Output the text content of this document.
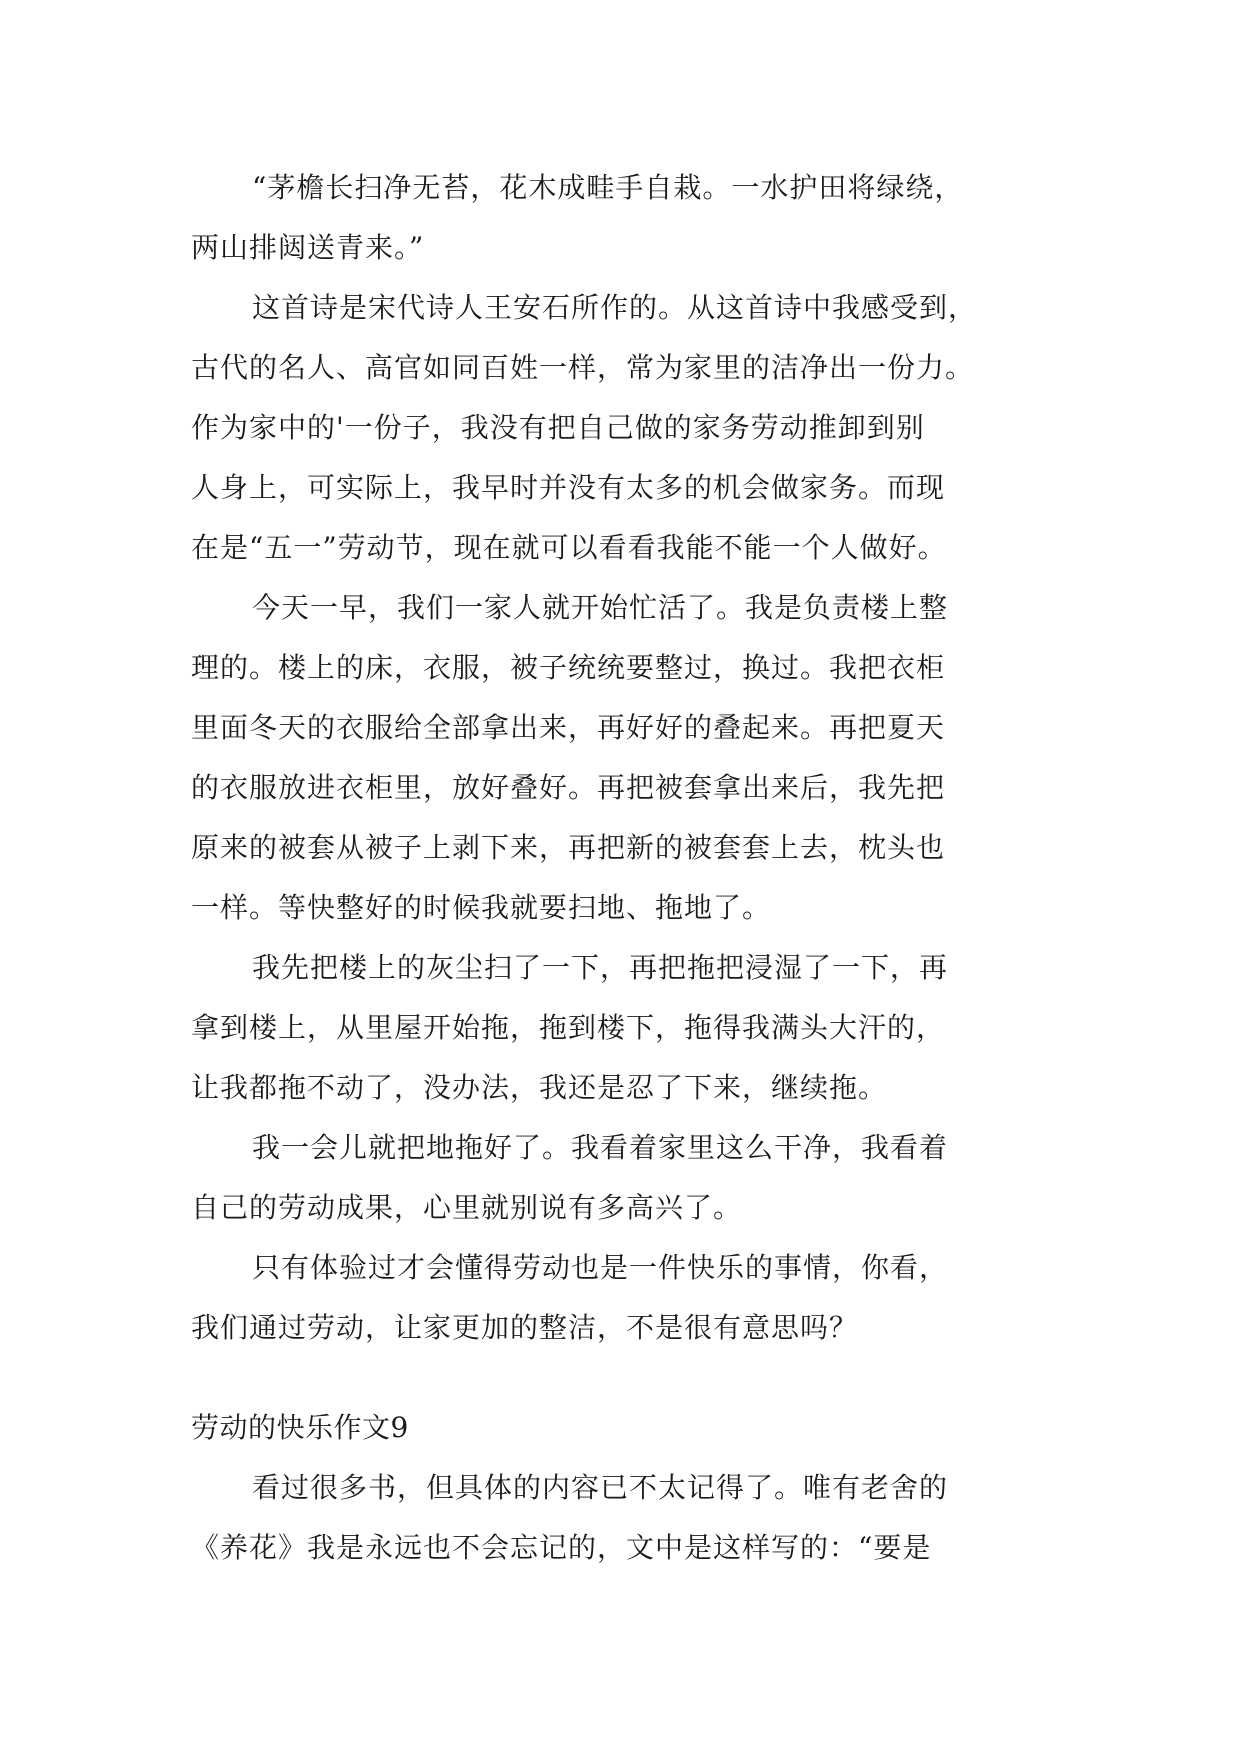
“茅檐长扫净无苔，花木成畦手自栽。一水护田将绿绕，
两山排闼送青来。”
这首诗是宋代诗人王安石所作的。从这首诗中我感受到，
古代的名人、高官如同百姓一样，常为家里的洁净出一份力。
作为家中的'一份子，我没有把自己做的家务劳动推卸到别
人身上，可实际上，我早时并没有太多的机会做家务。而现
在是“五一”劳动节，现在就可以看看我能不能一个人做好。
今天一早，我们一家人就开始忙活了。我是负责楼上整
理的。楼上的床，衣服，被子统统要整过，换过。我把衣柜
里面冬天的衣服给全部拿出来，再好好的叠起来。再把夏天
的衣服放进衣柜里，放好叠好。再把被套拿出来后，我先把
原来的被套从被子上剥下来，再把新的被套套上去，枕头也
一样。等快整好的时候我就要扫地、拖地了。
我先把楼上的灰尘扫了一下，再把拖把浸湿了一下，再
拿到楼上，从里屋开始拖，拖到楼下，拖得我满头大汗的，
让我都拖不动了，没办法，我还是忍了下来，继续拖。
我一会儿就把地拖好了。我看着家里这么干净，我看着
自己的劳动成果，心里就别说有多高兴了。
只有体验过才会懂得劳动也是一件快乐的事情，你看，
我们通过劳动，让家更加的整洁，不是很有意思吗？
劳动的快乐作文9
看过很多书，但具体的内容已不太记得了。唯有老舍的
《养花》我是永远也不会忘记的，文中是这样写的：“要是
